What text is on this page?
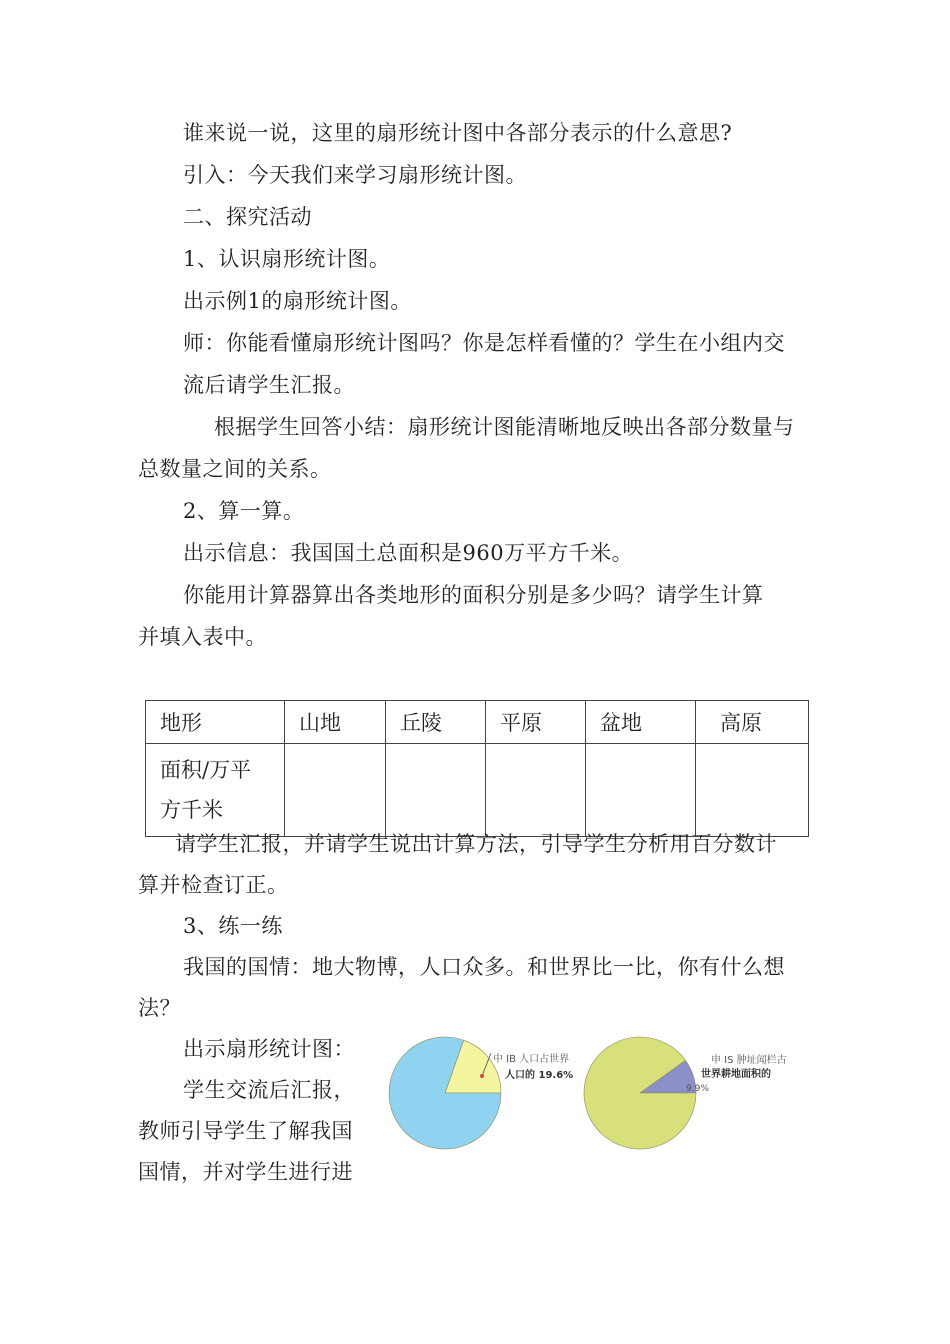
谁来说一说，这里的扇形统计图中各部分表示的什么意思?
引入：今天我们来学习扇形统计图。
二、探究活动
1、认识扇形统计图。
出示例1的扇形统计图。
师：你能看懂扇形统计图吗？你是怎样看懂的？学生在小组内交
流后请学生汇报。
根据学生回答小结：扇形统计图能清晰地反映出各部分数量与
总数量之间的关系。
2、算一算。
出示信息：我国国土总面积是960万平方千米。
你能用计算器算出各类地形的面积分别是多少吗？请学生计算
并填入表中。
地形	山地	丘陵	平原	盆地	高原

面积/万平
方千米					

请学生汇报，并请学生说出计算方法，引导学生分析用百分数计
算并检查订正。
3、练一练
我国的国情：地大物博，人口众多。和世界比一比，你有什么想
法？
出示扇形统计图：
学生交流后汇报，
教师引导学生了解我国
国情，并对学生进行进
中 IB 人口占世界
人口的 19.6%
申 IS 肿址闻栏古
世界耕地面积的
9.9%
